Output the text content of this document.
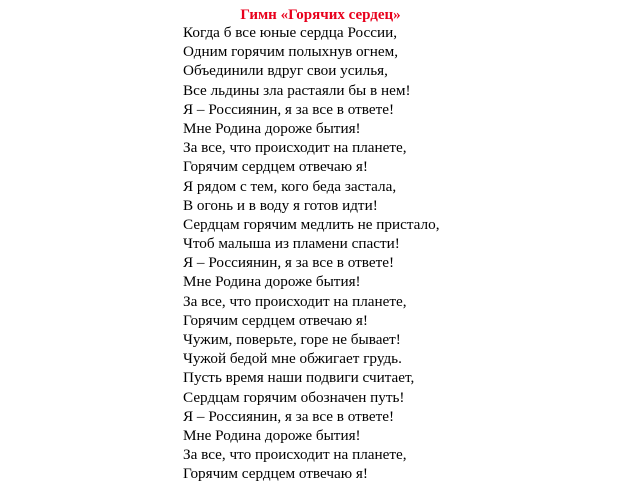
Гимн «Горячих сердец»
Когда б все юные сердца России,
Одним горячим полыхнув огнем,
Объединили вдруг свои усилья,
Все льдины зла растаяли бы в нем!
Я – Россиянин, я за все в ответе!
Мне Родина дороже бытия!
За все, что происходит на планете,
Горячим сердцем отвечаю я!
Я рядом с тем, кого беда застала,
В огонь и в воду я готов идти!
Сердцам горячим медлить не пристало,
Чтоб малыша из пламени спасти!
Я – Россиянин, я за все в ответе!
Мне Родина дороже бытия!
За все, что происходит на планете,
Горячим сердцем отвечаю я!
Чужим, поверьте, горе не бывает!
Чужой бедой мне обжигает грудь.
Пусть время наши подвиги считает,
Сердцам горячим обозначен путь!
Я – Россиянин, я за все в ответе!
Мне Родина дороже бытия!
За все, что происходит на планете,
Горячим сердцем отвечаю я!
